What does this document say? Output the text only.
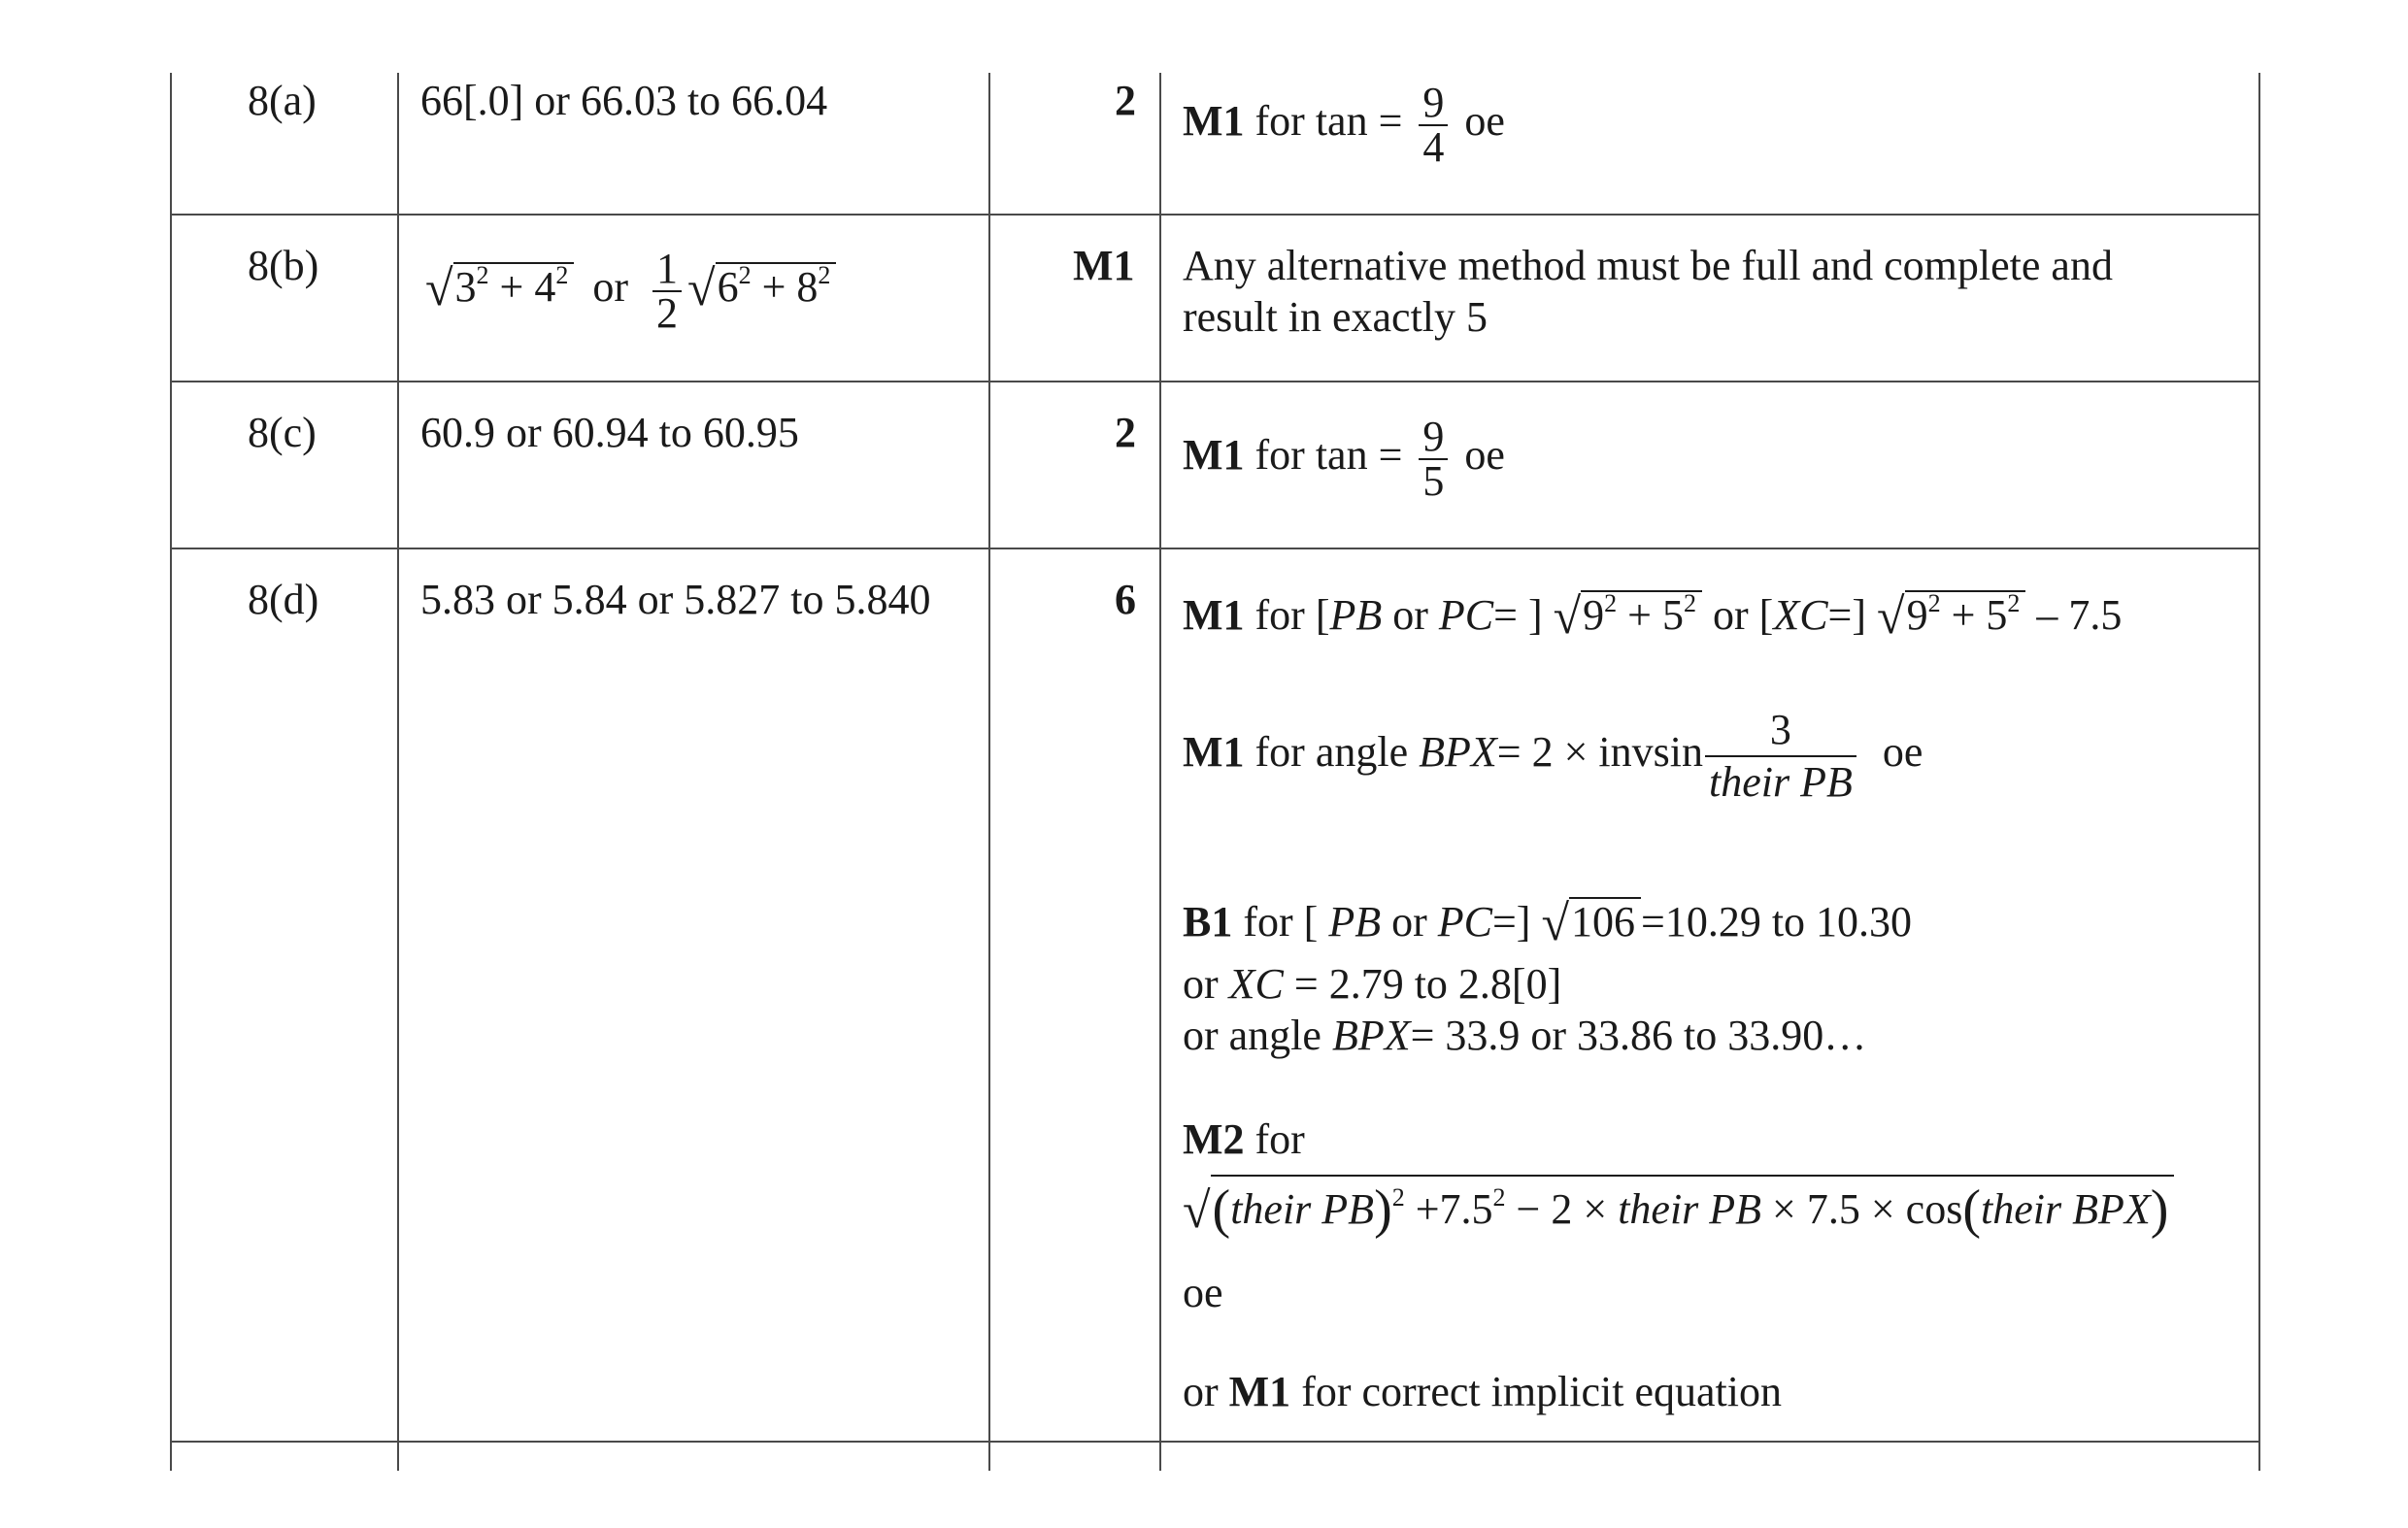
8(a) 66[.0] or 66.03 to 66.04	2 M1 for $\tan = \frac{9}{4}$ oe
8(b) $√3^2 + 4^2$ or $\frac{1}{2} √6^2 + 8^2$	M1 Any alternative method must be full and complete and
result in exactly 5
8(c) 60.9 or 60.94 to 60.95	2 M1 for $\tan = \frac{9}{5}$ oe
8(d) 5.83 or 5.84 or 5.827 to 5.840	6 M1 for [PB or PC= ] $√9^2 + 5^2$ or [XC=] $√9^2 + 5^2 - 7.5$
M1 for angle BPX= 2 × invsin $\frac{3}{\text{their PB}}$ oe
B1 for [ PB or PC=] √106 =10.29 to 10.30
or XC = 2.79 to 2.8[0]
or angle BPX= 33.9 or 33.86 to 33.90…
M2 for
√(their $PB)^2 +7.5^2 - 2$ × their PB × 7.5 × cos(their BPX)
oe
or M1 for correct implicit equation
